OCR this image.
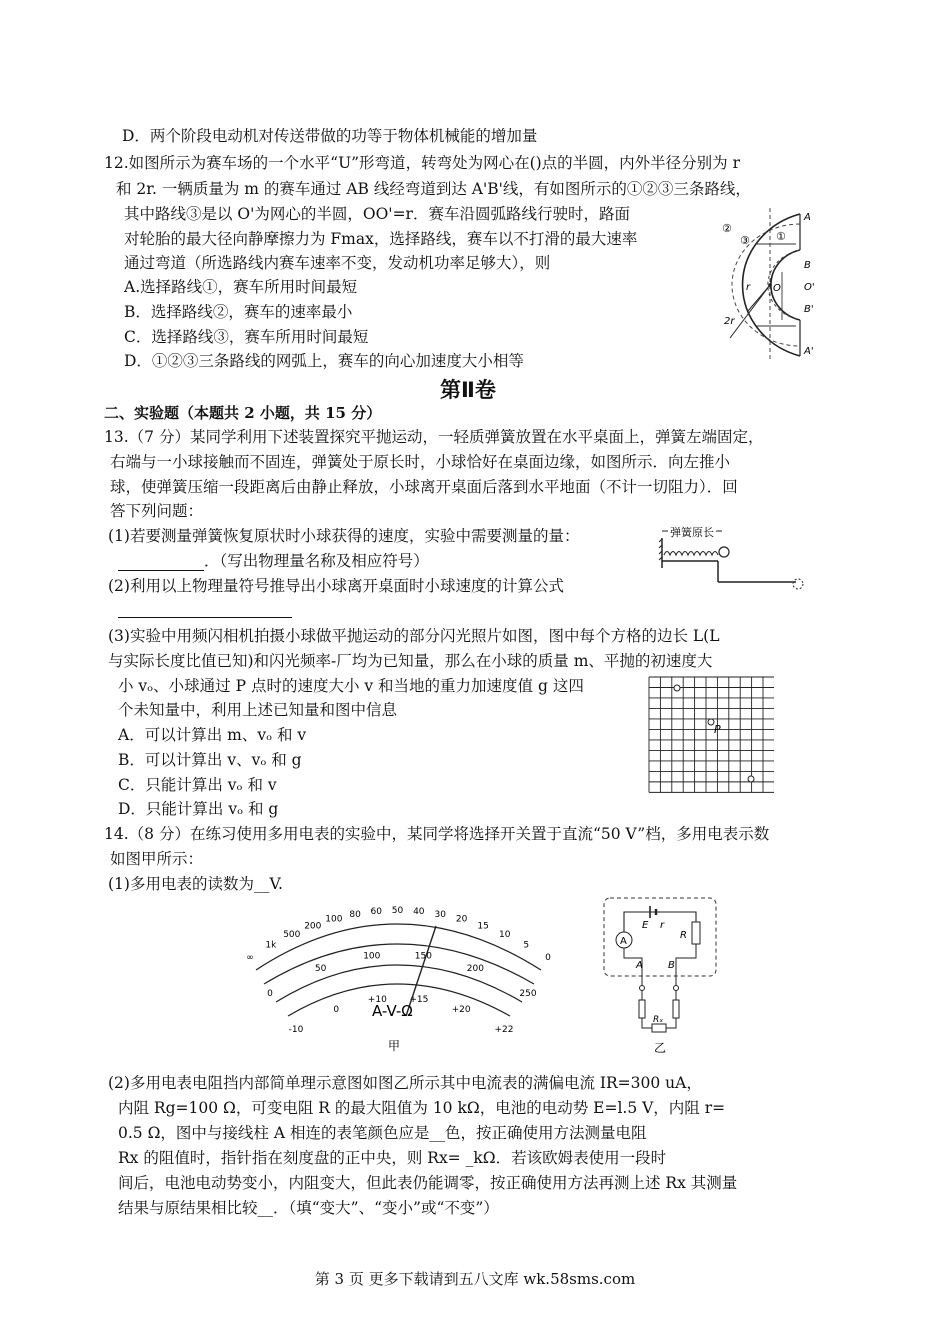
D．两个阶段电动机对传送带做的功等于物体机械能的增加量
12.如图所示为赛车场的一个水平“U”形弯道，转弯处为网心在()点的半圆，内外半径分别为 r
和 2r. 一辆质量为 m 的赛车通过 AB 线经弯道到达 A'B'线，有如图所示的①②③三条路线，
其中路线③是以 O'为网心的半圆，OO'=r．赛车沿圆弧路线行驶时，路面
对轮胎的最大径向静摩擦力为 Fmax，选择路线，赛车以不打滑的最大速率
通过弯道（所选路线内赛车速率不变，发动机功率足够大），则
A.选择路线①，赛车所用时间最短
B．选择路线②，赛车的速率最小
C．选择路线③，赛车所用时间最短
D．①②③三条路线的网弧上，赛车的向心加速度大小相等
A
B
O'
B'
A'
O
r
2r
①
②
③
第Ⅱ卷
二、实验题（本题共 2 小题，共 15 分）
13.（7 分）某同学利用下述装置探究平抛运动，一轻质弹簧放置在水平桌面上，弹簧左端固定，
右端与一小球接触而不固连，弹簧处于原长时，小球恰好在桌面边缘，如图所示．向左推小
球，使弹簧压缩一段距离后由静止释放，小球离开桌面后落到水平地面（不计一切阻力）．回
答下列问题：
(1)若要测量弹簧恢复原状时小球获得的速度，实验中需要测量的量：
．（写出物理量名称及相应符号）
(2)利用以上物理量符号推导出小球离开桌面时小球速度的计算公式
(3)实验中用频闪相机拍摄小球做平抛运动的部分闪光照片如图，图中每个方格的边长 L(L
与实际长度比值已知)和闪光频率-厂均为已知量，那么在小球的质量 m、平抛的初速度大
小 vₒ、小球通过 P 点时的速度大小 v 和当地的重力加速度值 g 这四
个未知量中，利用上述已知量和图中信息
A．可以计算出 m、vₒ 和 v
B．可以计算出 v、vₒ 和 g
C．只能计算出 vₒ 和 v
D．只能计算出 vₒ 和 g
弹簧原长
P
14.（8 分）在练习使用多用电表的实验中，某同学将选择开关置于直流“50 V”档，多用电表示数
如图甲所示：
(1)多用电表的读数为__V.
∞
1k
500
200
100 80 60 50 40 30 20
15
10
5
0
0
50
100	150
200
250
-10
0
+10	+15
+20
+22
A-V-Ω
甲
E r
A
R
A	B
Rₓ
乙
(2)多用电表电阻挡内部简单理示意图如图乙所示其中电流表的满偏电流 IR=300 uA，
内阻 Rg=100 Ω，可变电阻 R 的最大阻值为 10 kΩ，电池的电动势 E=l.5 V，内阻 r=
0.5 Ω，图中与接线柱 A 相连的表笔颜色应是__色，按正确使用方法测量电阻
Rx 的阻值时，指针指在刻度盘的正中央，则 Rx= _kΩ．若该欧姆表使用一段时
间后，电池电动势变小，内阻变大，但此表仍能调零，按正确使用方法再测上述 Rx 其测量
结果与原结果相比较__．（填“变大”、“变小”或“不变”）
第 3 页 更多下载请到五八文库 wk.58sms.com
